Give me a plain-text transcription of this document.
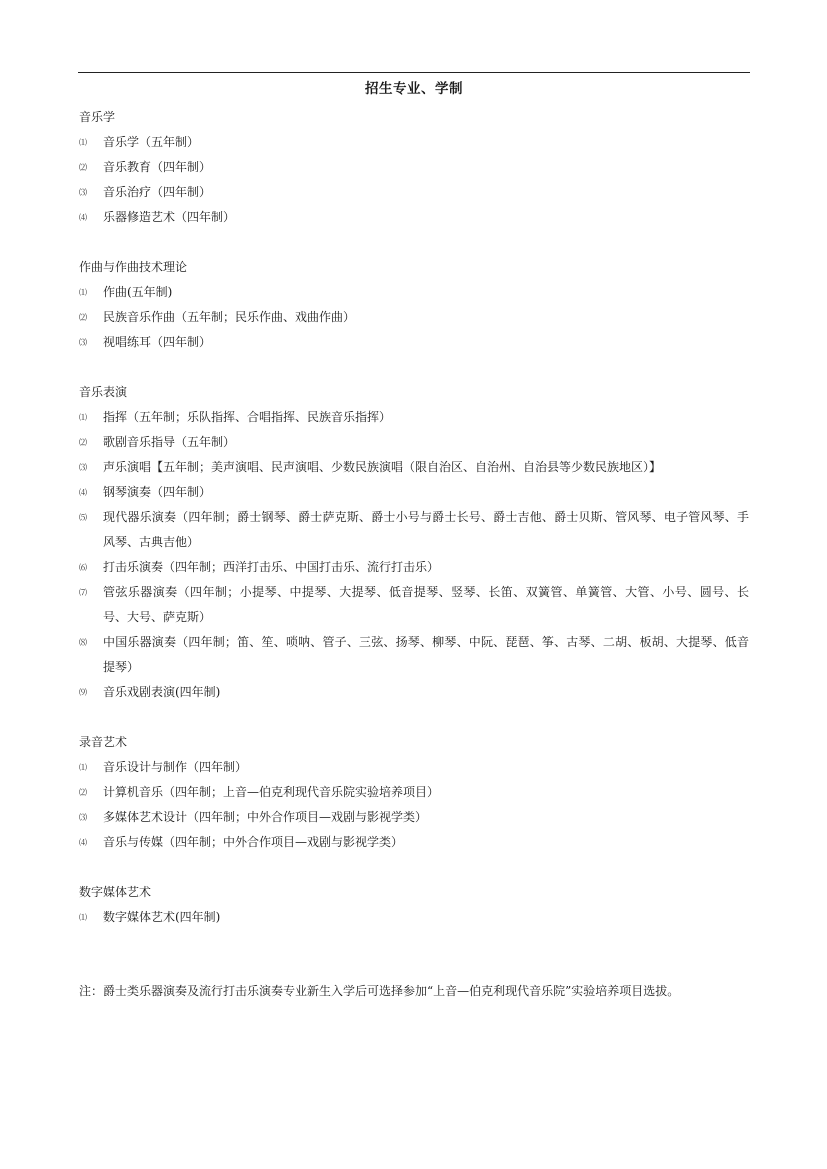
招生专业、学制
音乐学
⑴	音乐学（五年制）
⑵	音乐教育（四年制）
⑶	音乐治疗（四年制）
⑷	乐器修造艺术（四年制）
作曲与作曲技术理论
⑴	作曲(五年制)
⑵	民族音乐作曲（五年制；民乐作曲、戏曲作曲）
⑶	视唱练耳（四年制）
音乐表演
⑴	指挥（五年制；乐队指挥、合唱指挥、民族音乐指挥）
⑵	歌剧音乐指导（五年制）
⑶	声乐演唱【五年制；美声演唱、民声演唱、少数民族演唱（限自治区、自治州、自治县等少数民族地区）】
⑷	钢琴演奏（四年制）
⑸	现代器乐演奏（四年制；爵士钢琴、爵士萨克斯、爵士小号与爵士长号、爵士吉他、爵士贝斯、管风琴、电子管风琴、手风琴、古典吉他）
⑹	打击乐演奏（四年制；西洋打击乐、中国打击乐、流行打击乐）
⑺	管弦乐器演奏（四年制；小提琴、中提琴、大提琴、低音提琴、竖琴、长笛、双簧管、单簧管、大管、小号、圆号、长号、大号、萨克斯）
⑻	中国乐器演奏（四年制；笛、笙、唢呐、管子、三弦、扬琴、柳琴、中阮、琵琶、筝、古琴、二胡、板胡、大提琴、低音提琴）
⑼	音乐戏剧表演(四年制)
录音艺术
⑴	音乐设计与制作（四年制）
⑵	计算机音乐（四年制；上音—伯克利现代音乐院实验培养项目）
⑶	多媒体艺术设计（四年制；中外合作项目—戏剧与影视学类）
⑷	音乐与传媒（四年制；中外合作项目—戏剧与影视学类）
数字媒体艺术
⑴	数字媒体艺术(四年制)
注：爵士类乐器演奏及流行打击乐演奏专业新生入学后可选择参加“上音—伯克利现代音乐院”实验培养项目选拔。
